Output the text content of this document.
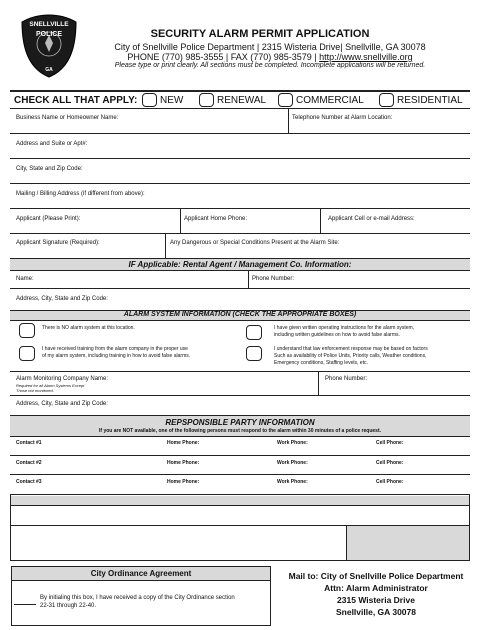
SNELLVILLE
POLICE
GA
SECURITY ALARM PERMIT APPLICATION
City of Snellville Police Department | 2315 Wisteria Drive| Snellville, GA 30078
PHONE (770) 985-3555 | FAX (770) 985-3579 | http://www.snellville.org
Please type or print clearly. All sections must be completed. Incomplete applications will be returned.
CHECK ALL THAT APPLY: NEW	RENEWAL	COMMERCIAL	RESIDENTIAL
Business Name or Homeowner Name:	Telephone Number at Alarm Location:
Address and Suite or Apt#:
City, State and Zip Code:
Mailing / Billing Address (if different from above):
Applicant (Please Print):	Applicant Home Phone:	Applicant Cell or e-mail Address:
Applicant Signature (Required):	Any Dangerous or Special Conditions Present at the Alarm Site:
IF Applicable: Rental Agent / Management Co. Information:
Name:	Phone Number:
Address, City, State and Zip Code:
ALARM SYSTEM INFORMATION (CHECK THE APPROPRIATE BOXES)
There is NO alarm system at this location.
I have received training from the alarm company in the proper use
of my alarm system, including training in how to avoid false alarms.
I have given written operating instructions for the alarm system,
including written guidelines on how to avoid false alarms.
I understand that law enforcement response may be based on factors
Such as availability of Police Units, Priority calls, Weather conditions,
Emergency conditions, Staffing levels, etc.
Alarm Monitoring Company Name:
Required for all Alarm Systems Except
Those not monitored.
Phone Number:
Address, City, State and Zip Code:
REPSPONSIBLE PARTY INFORMATION
If you are NOT available, one of the following persons must respond to the alarm within 30 minutes of a police request.
Contact #1	Home Phone:	Work Phone:	Cell Phone:
Contact #2	Home Phone:	Work Phone:	Cell Phone:
Contact #3	Home Phone:	Work Phone:	Cell Phone:
City Ordinance Agreement
By initialing this box, I have received a copy of the City Ordinance section
22-31 through 22-40.
Mail to: City of Snellville Police Department
Attn: Alarm Administrator
2315 Wisteria Drive
Snellville, GA 30078
